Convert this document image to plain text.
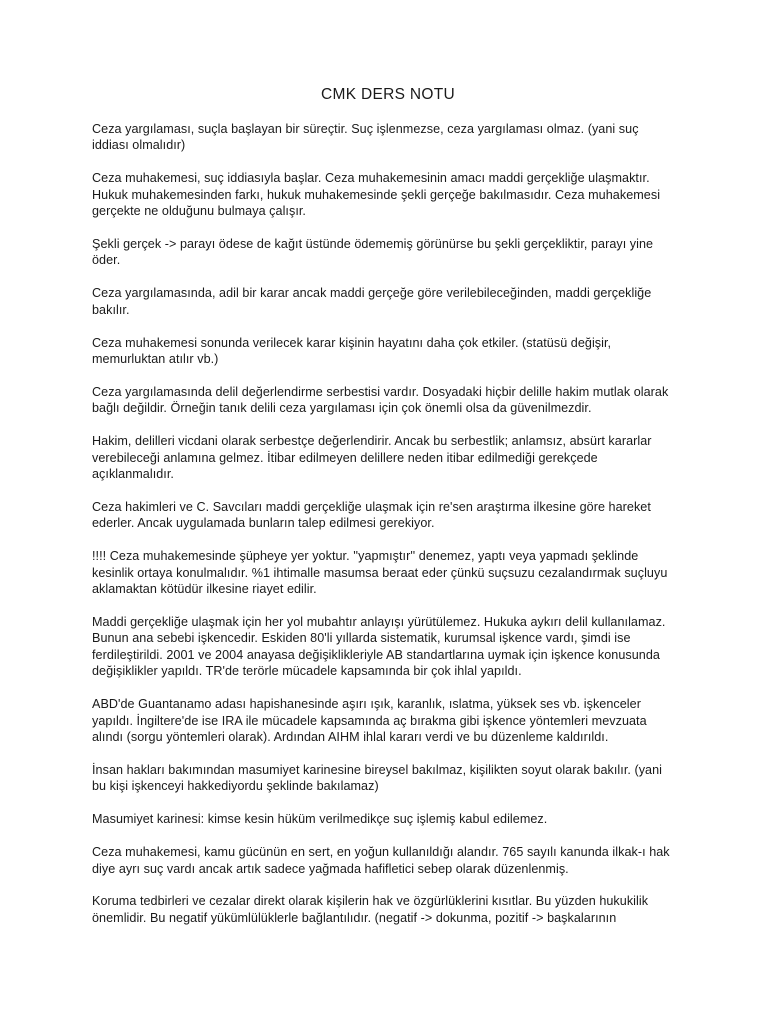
CMK DERS NOTU

Ceza yargılaması, suçla başlayan bir süreçtir. Suç işlenmezse, ceza yargılaması olmaz. (yani suç iddiası olmalıdır)

Ceza muhakemesi, suç iddiasıyla başlar. Ceza muhakemesinin amacı maddi gerçekliğe ulaşmaktır. Hukuk muhakemesinden farkı, hukuk muhakemesinde şekli gerçeğe bakılmasıdır. Ceza muhakemesi gerçekte ne olduğunu bulmaya çalışır.

Şekli gerçek -> parayı ödese de kağıt üstünde ödememiş görünürse bu şekli gerçekliktir, parayı yine öder.

Ceza yargılamasında, adil bir karar ancak maddi gerçeğe göre verilebileceğinden, maddi gerçekliğe bakılır.

Ceza muhakemesi sonunda verilecek karar kişinin hayatını daha çok etkiler. (statüsü değişir, memurluktan atılır vb.)

Ceza yargılamasında delil değerlendirme serbestisi vardır. Dosyadaki hiçbir delille hakim mutlak olarak bağlı değildir. Örneğin tanık delili ceza yargılaması için çok önemli olsa da güvenilmezdir.

Hakim, delilleri vicdani olarak serbestçe değerlendirir. Ancak bu serbestlik; anlamsız, absürt kararlar verebileceği anlamına gelmez. İtibar edilmeyen delillere neden itibar edilmediği gerekçede açıklanmalıdır.

Ceza hakimleri ve C. Savcıları maddi gerçekliğe ulaşmak için re'sen araştırma ilkesine göre hareket ederler. Ancak uygulamada bunların talep edilmesi gerekiyor.

!!!! Ceza muhakemesinde şüpheye yer yoktur. ''yapmıştır'' denemez, yaptı veya yapmadı şeklinde kesinlik ortaya konulmalıdır. %1 ihtimalle masumsa beraat eder çünkü suçsuzu cezalandırmak suçluyu aklamaktan kötüdür ilkesine riayet edilir.

Maddi gerçekliğe ulaşmak için her yol mubahtır anlayışı yürütülemez. Hukuka aykırı delil kullanılamaz. Bunun ana sebebi işkencedir. Eskiden 80'li yıllarda sistematik, kurumsal işkence vardı, şimdi ise ferdileştirildi. 2001 ve 2004 anayasa değişiklikleriyle AB standartlarına uymak için işkence konusunda değişiklikler yapıldı. TR'de terörle mücadele kapsamında bir çok ihlal yapıldı.

ABD'de Guantanamo adası hapishanesinde aşırı ışık, karanlık, ıslatma, yüksek ses vb. işkenceler yapıldı. İngiltere'de ise IRA ile mücadele kapsamında aç bırakma gibi işkence yöntemleri mevzuata alındı (sorgu yöntemleri olarak). Ardından AIHM ihlal kararı verdi ve bu düzenleme kaldırıldı.

İnsan hakları bakımından masumiyet karinesine bireysel bakılmaz, kişilikten soyut olarak bakılır. (yani bu kişi işkenceyi hakkediyordu şeklinde bakılamaz)

Masumiyet karinesi: kimse kesin hüküm verilmedikçe suç işlemiş kabul edilemez.

Ceza muhakemesi, kamu gücünün en sert, en yoğun kullanıldığı alandır. 765 sayılı kanunda ilkak-ı hak diye ayrı suç vardı ancak artık sadece yağmada hafifletici sebep olarak düzenlenmiş.

Koruma tedbirleri ve cezalar direkt olarak kişilerin hak ve özgürlüklerini kısıtlar. Bu yüzden hukukilik önemlidir. Bu negatif yükümlülüklerle bağlantılıdır. (negatif -> dokunma, pozitif -> başkalarının
